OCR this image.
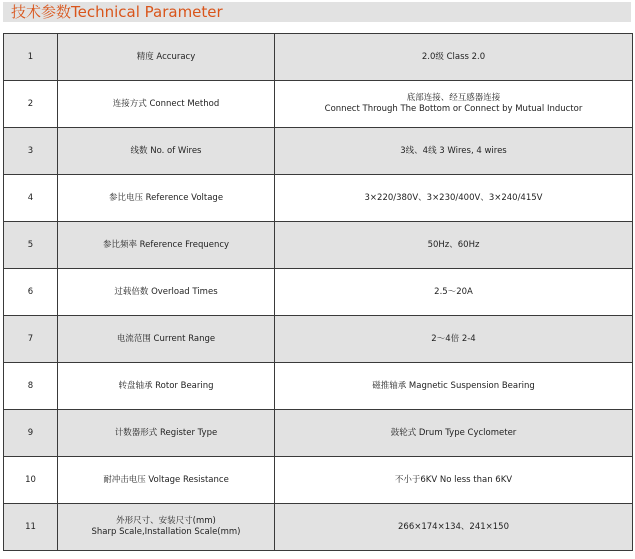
技术参数Technical Parameter
1	精度 Accuracy	2.0级 Class 2.0

2	连接方式 Connect Method	底部连接、经互感器连接
Connect Through The Bottom or Connect by Mutual Inductor

3	线数 No. of Wires	3线、4线 3 Wires, 4 wires

4	参比电压 Reference Voltage	3×220/380V、3×230/400V、3×240/415V

5	参比频率 Reference Frequency	50Hz、60Hz

6	过载倍数 Overload Times	2.5～20A

7	电流范围 Current Range	2～4倍 2-4

8	转盘轴承 Rotor Bearing	磁推轴承 Magnetic Suspension Bearing

9	计数器形式 Register Type	鼓轮式 Drum Type Cyclometer

10	耐冲击电压 Voltage Resistance	不小于6KV No less than 6KV

11	外形尺寸、安装尺寸(mm)
Sharp Scale,Installation Scale(mm)	266×174×134、241×150
